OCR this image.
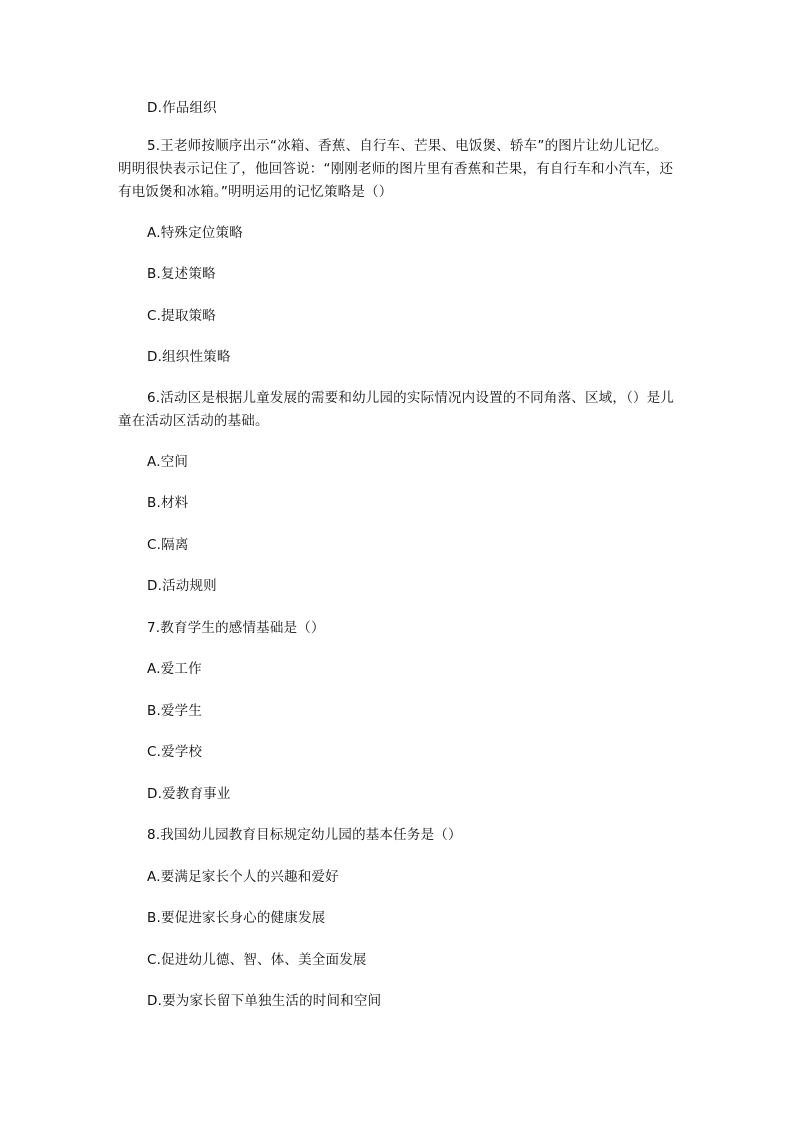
D.作品组织
5.王老师按顺序出示“冰箱、香蕉、自行车、芒果、电饭煲、轿车”的图片让幼儿记忆。明明很快表示记住了，他回答说：“刚刚老师的图片里有香蕉和芒果，有自行车和小汽车，还有电饭煲和冰箱。”明明运用的记忆策略是（）
A.特殊定位策略
B.复述策略
C.提取策略
D.组织性策略
6.活动区是根据儿童发展的需要和幼儿园的实际情况内设置的不同角落、区域，（）是儿童在活动区活动的基础。
A.空间
B.材料
C.隔离
D.活动规则
7.教育学生的感情基础是（）
A.爱工作
B.爱学生
C.爱学校
D.爱教育事业
8.我国幼儿园教育目标规定幼儿园的基本任务是（）
A.要满足家长个人的兴趣和爱好
B.要促进家长身心的健康发展
C.促进幼儿德、智、体、美全面发展
D.要为家长留下单独生活的时间和空间
